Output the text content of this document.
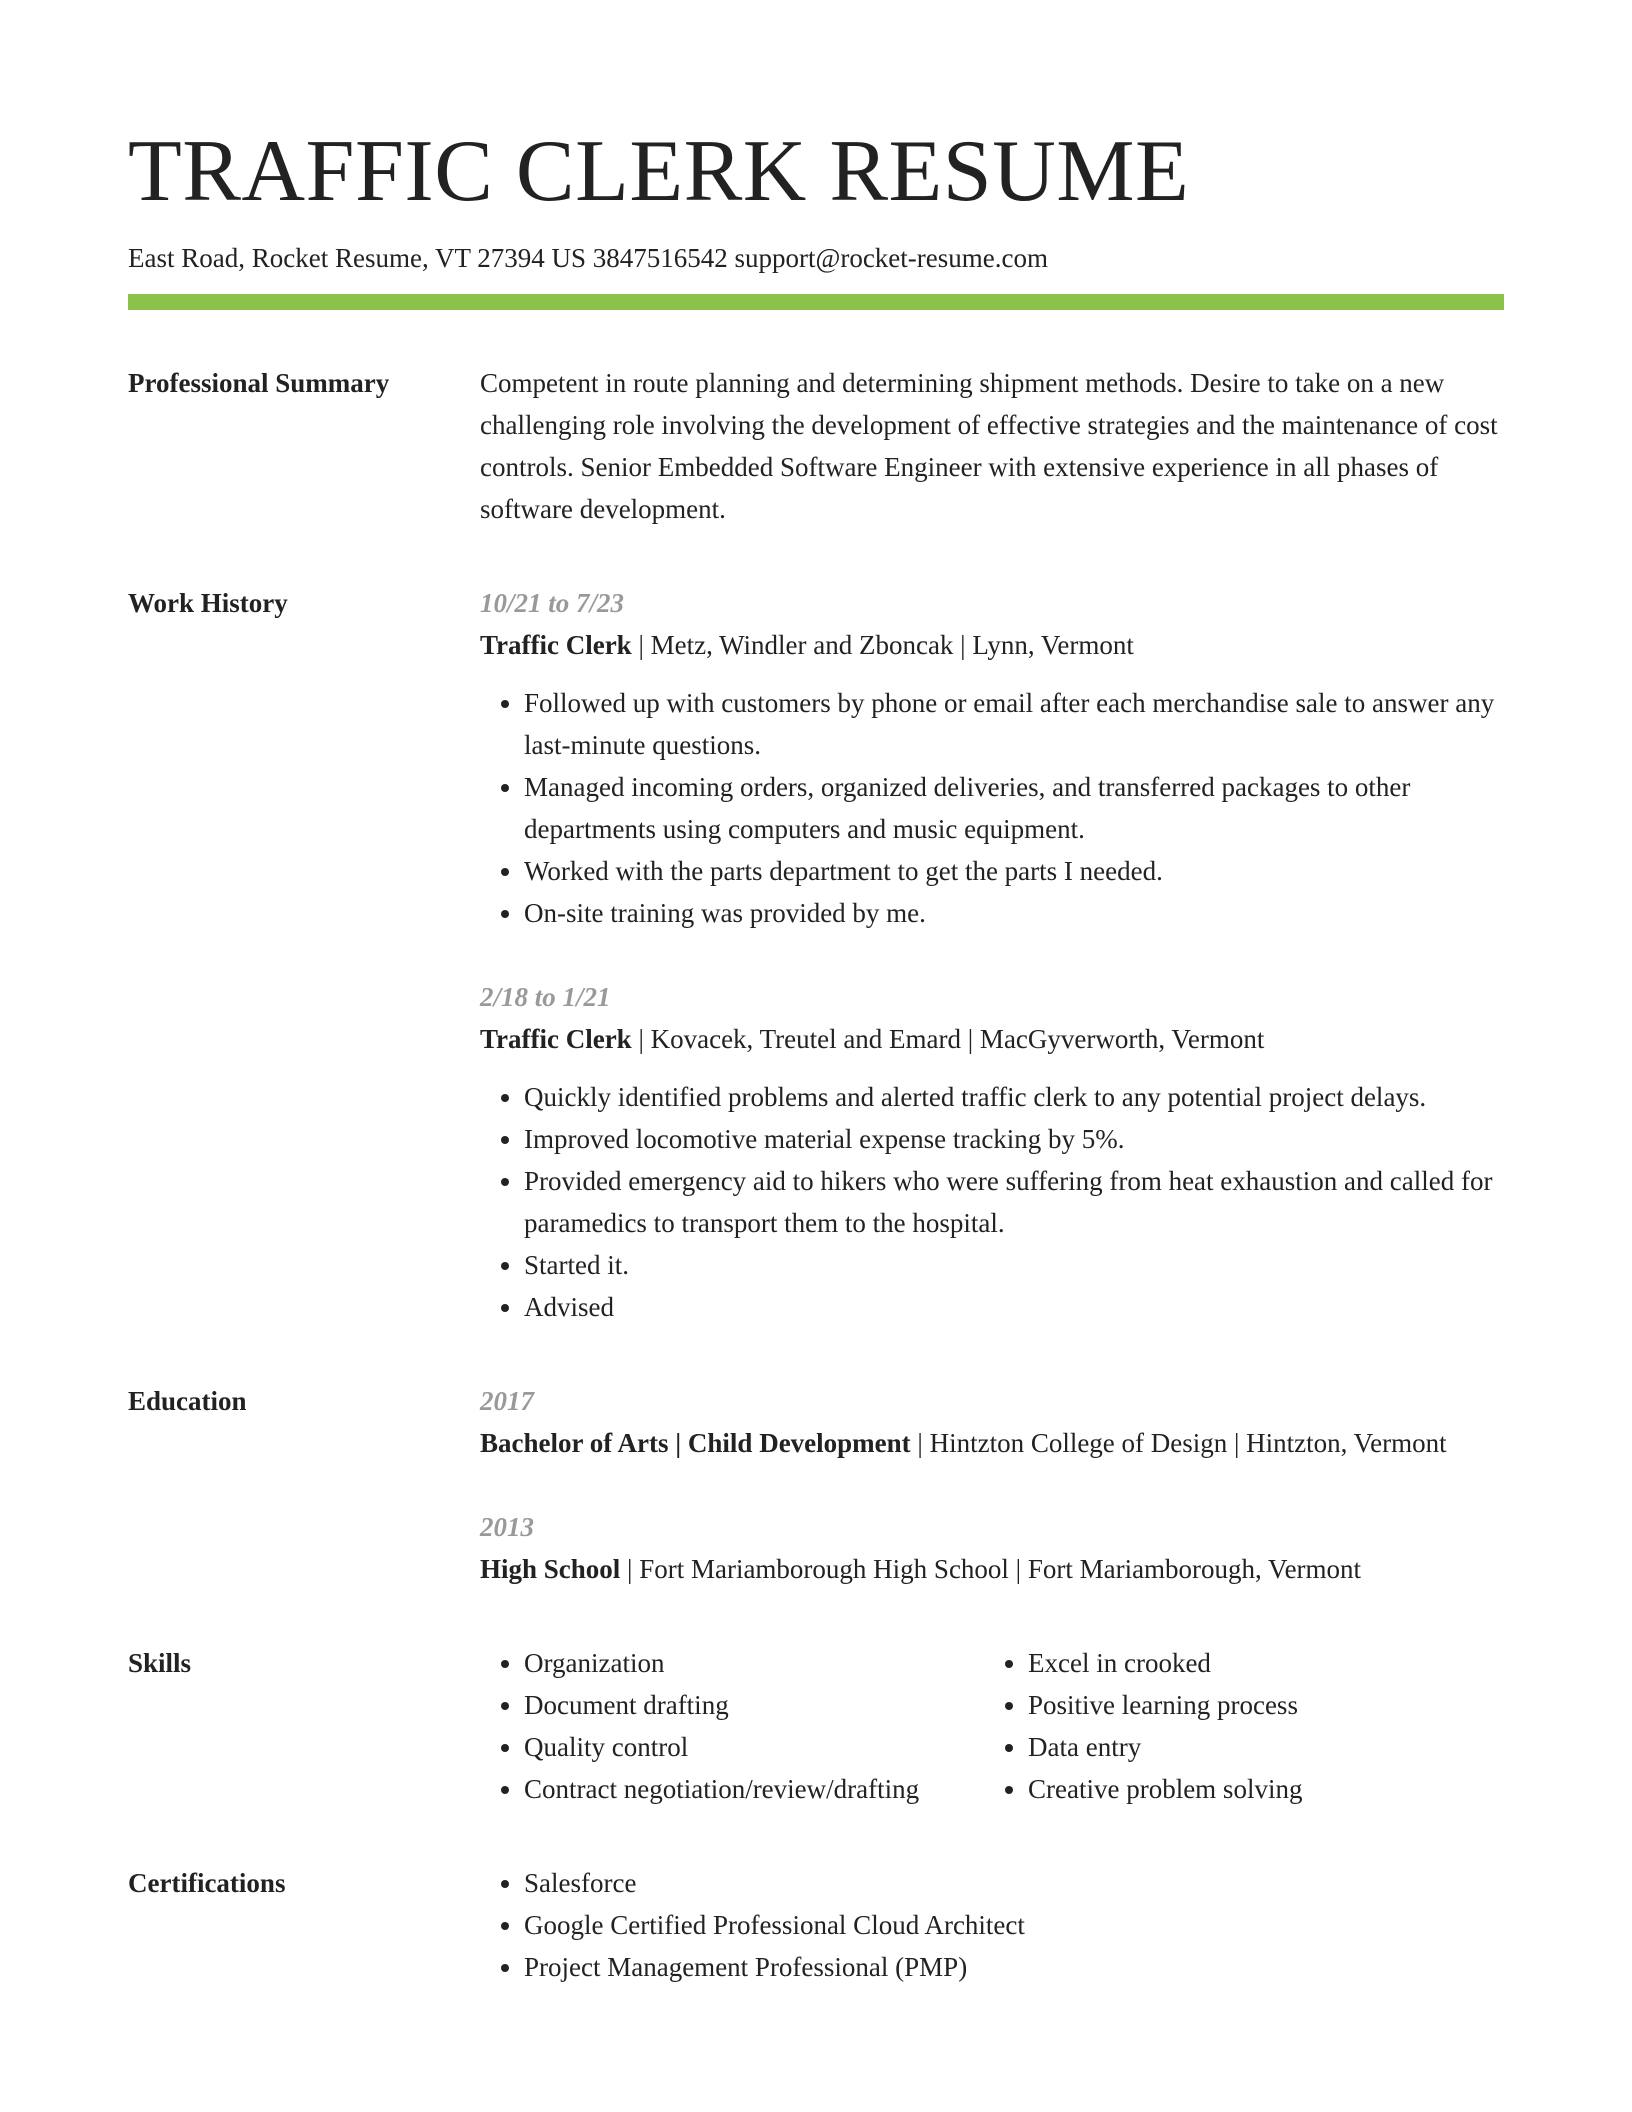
TRAFFIC CLERK RESUME
East Road, Rocket Resume, VT 27394 US 3847516542 support@rocket-resume.com
Professional Summary	Competent in route planning and determining shipment methods. Desire to take on a new challenging role involving the development of effective strategies and the maintenance of cost controls. Senior Embedded Software Engineer with extensive experience in all phases of software development.

Work History	10/21 to 7/23
Traffic Clerk | Metz, Windler and Zboncak | Lynn, Vermont
• Followed up with customers by phone or email after each merchandise sale to answer any last-minute questions.
• Managed incoming orders, organized deliveries, and transferred packages to other departments using computers and music equipment.
• Worked with the parts department to get the parts I needed.
• On-site training was provided by me.
2/18 to 1/21
Traffic Clerk | Kovacek, Treutel and Emard | MacGyverworth, Vermont
• Quickly identified problems and alerted traffic clerk to any potential project delays.
• Improved locomotive material expense tracking by 5%.
• Provided emergency aid to hikers who were suffering from heat exhaustion and called for paramedics to transport them to the hospital.
• Started it.
• Advised
Education	2017
Bachelor of Arts | Child Development | Hintzton College of Design | Hintzton, Vermont
2013
High School | Fort Mariamborough High School | Fort Mariamborough, Vermont
Skills	• Organization
• Document drafting
• Quality control
• Contract negotiation/review/drafting
• Excel in crooked
• Positive learning process
• Data entry
• Creative problem solving
Certifications	• Salesforce
• Google Certified Professional Cloud Architect
• Project Management Professional (PMP)
